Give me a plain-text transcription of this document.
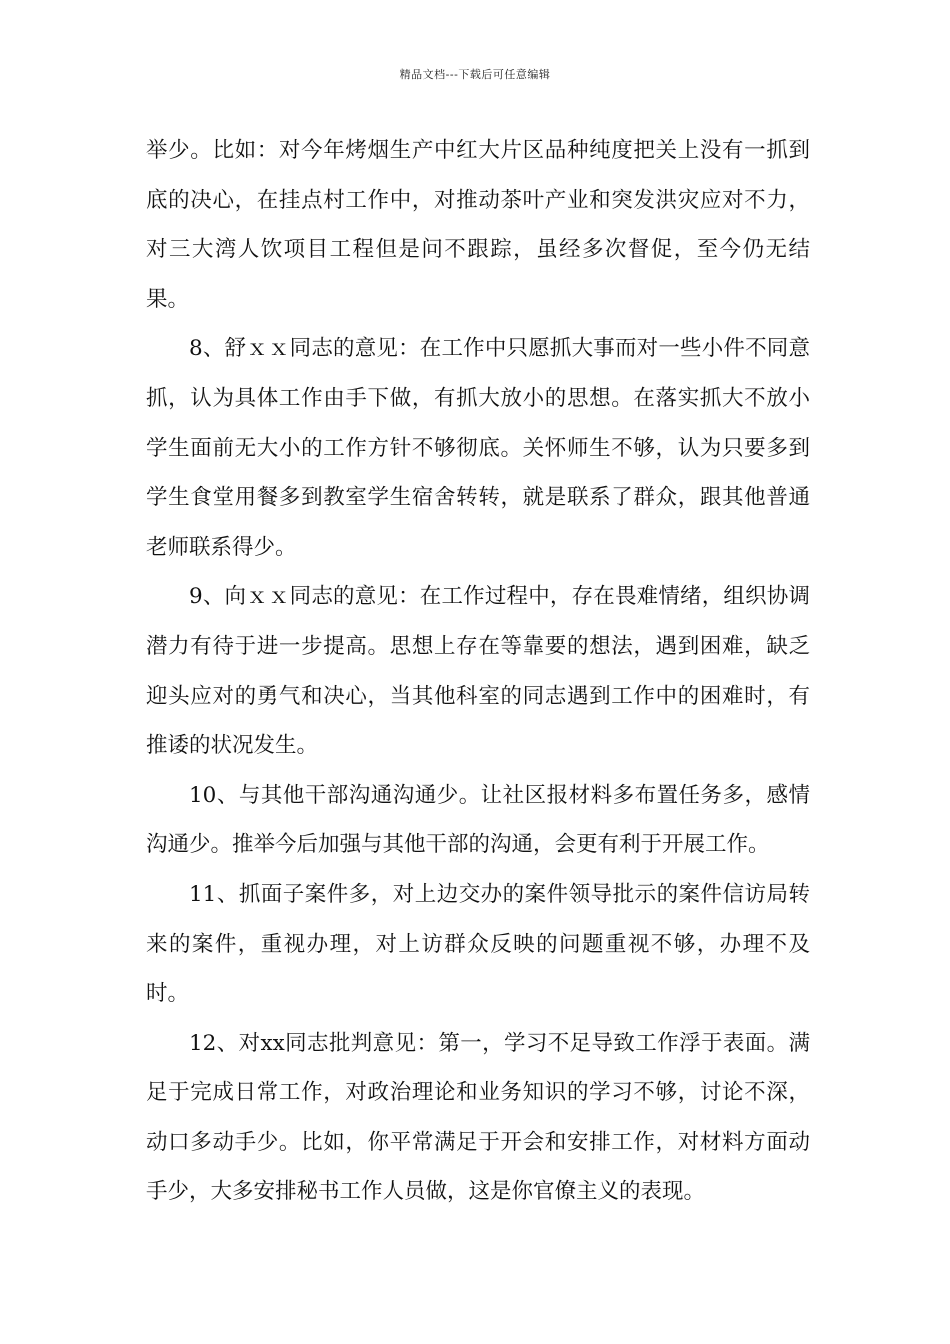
精品文档---下载后可任意编辑

举少。比如：对今年烤烟生产中红大片区品种纯度把关上没有一抓到底的决心，在挂点村工作中，对推动茶叶产业和突发洪灾应对不力，对三大湾人饮项目工程但是问不跟踪，虽经多次督促，至今仍无结果。

8、舒ｘｘ同志的意见：在工作中只愿抓大事而对一些小件不同意抓，认为具体工作由手下做，有抓大放小的思想。在落实抓大不放小学生面前无大小的工作方针不够彻底。关怀师生不够，认为只要多到学生食堂用餐多到教室学生宿舍转转，就是联系了群众，跟其他普通老师联系得少。

9、向ｘｘ同志的意见：在工作过程中，存在畏难情绪，组织协调潜力有待于进一步提高。思想上存在等靠要的想法，遇到困难，缺乏迎头应对的勇气和决心，当其他科室的同志遇到工作中的困难时，有推诿的状况发生。

10、与其他干部沟通沟通少。让社区报材料多布置任务多，感情沟通少。推举今后加强与其他干部的沟通，会更有利于开展工作。

11、抓面子案件多，对上边交办的案件领导批示的案件信访局转来的案件，重视办理，对上访群众反映的问题重视不够，办理不及时。

12、对xx同志批判意见：第一，学习不足导致工作浮于表面。满足于完成日常工作，对政治理论和业务知识的学习不够，讨论不深，动口多动手少。比如，你平常满足于开会和安排工作，对材料方面动手少，大多安排秘书工作人员做，这是你官僚主义的表现。
